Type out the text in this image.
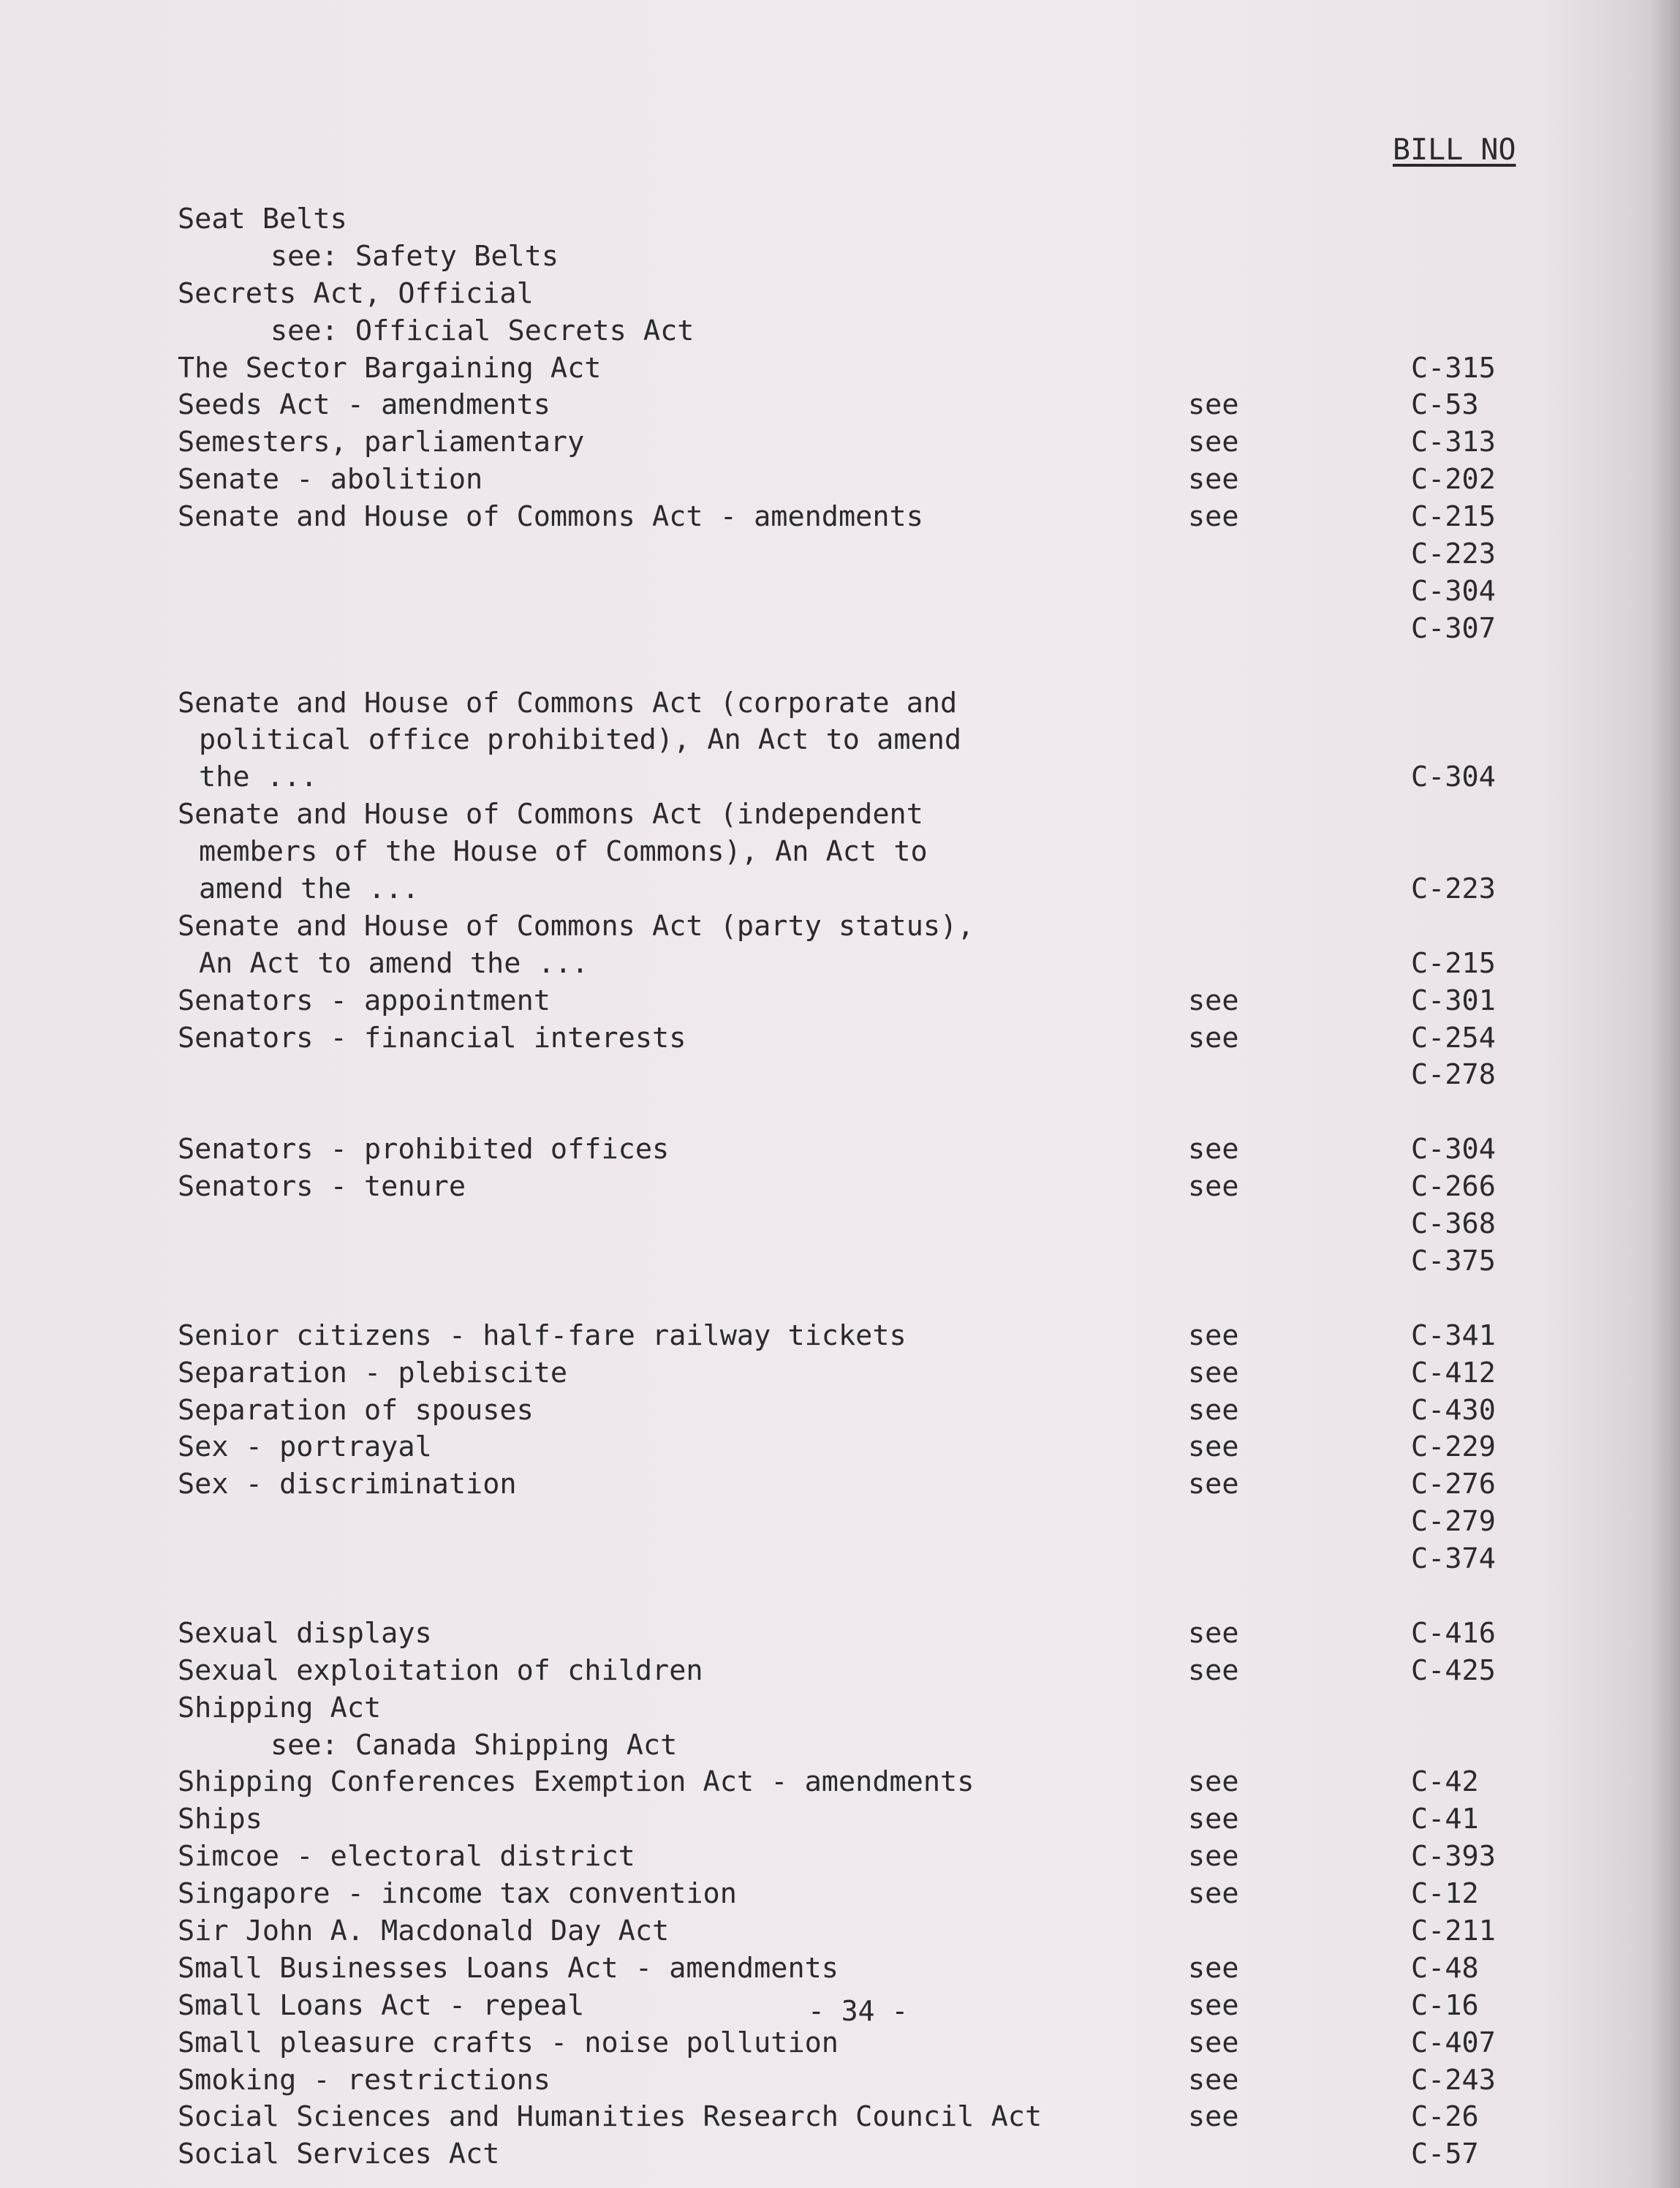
BILL NO
Seat Belts
see: Safety Belts
Secrets Act, Official
see: Official Secrets Act
The Sector Bargaining Act	C-315
Seeds Act - amendments	see	C-53
Semesters, parliamentary	see	C-313
Senate - abolition	see	C-202
Senate and House of Commons Act - amendments	see	C-215
C-223
C-304
C-307
Senate and House of Commons Act (corporate and
political office prohibited), An Act to amend
the ...	C-304
Senate and House of Commons Act (independent
members of the House of Commons), An Act to
amend the ...	C-223
Senate and House of Commons Act (party status),
An Act to amend the ...	C-215
Senators - appointment	see	C-301
Senators - financial interests	see	C-254
C-278
Senators - prohibited offices	see	C-304
Senators - tenure	see	C-266
C-368
C-375
Senior citizens - half-fare railway tickets	see	C-341
Separation - plebiscite	see	C-412
Separation of spouses	see	C-430
Sex - portrayal	see	C-229
Sex - discrimination	see	C-276
C-279
C-374
Sexual displays	see	C-416
Sexual exploitation of children	see	C-425
Shipping Act
see: Canada Shipping Act
Shipping Conferences Exemption Act - amendments	see	C-42
Ships	see	C-41
Simcoe - electoral district	see	C-393
Singapore - income tax convention	see	C-12
Sir John A. Macdonald Day Act	C-211
Small Businesses Loans Act - amendments	see	C-48
Small Loans Act - repeal	see	C-16
Small pleasure crafts - noise pollution	see	C-407
Smoking - restrictions	see	C-243
Social Sciences and Humanities Research Council Act	see	C-26
Social Services Act	C-57
- 34 -
